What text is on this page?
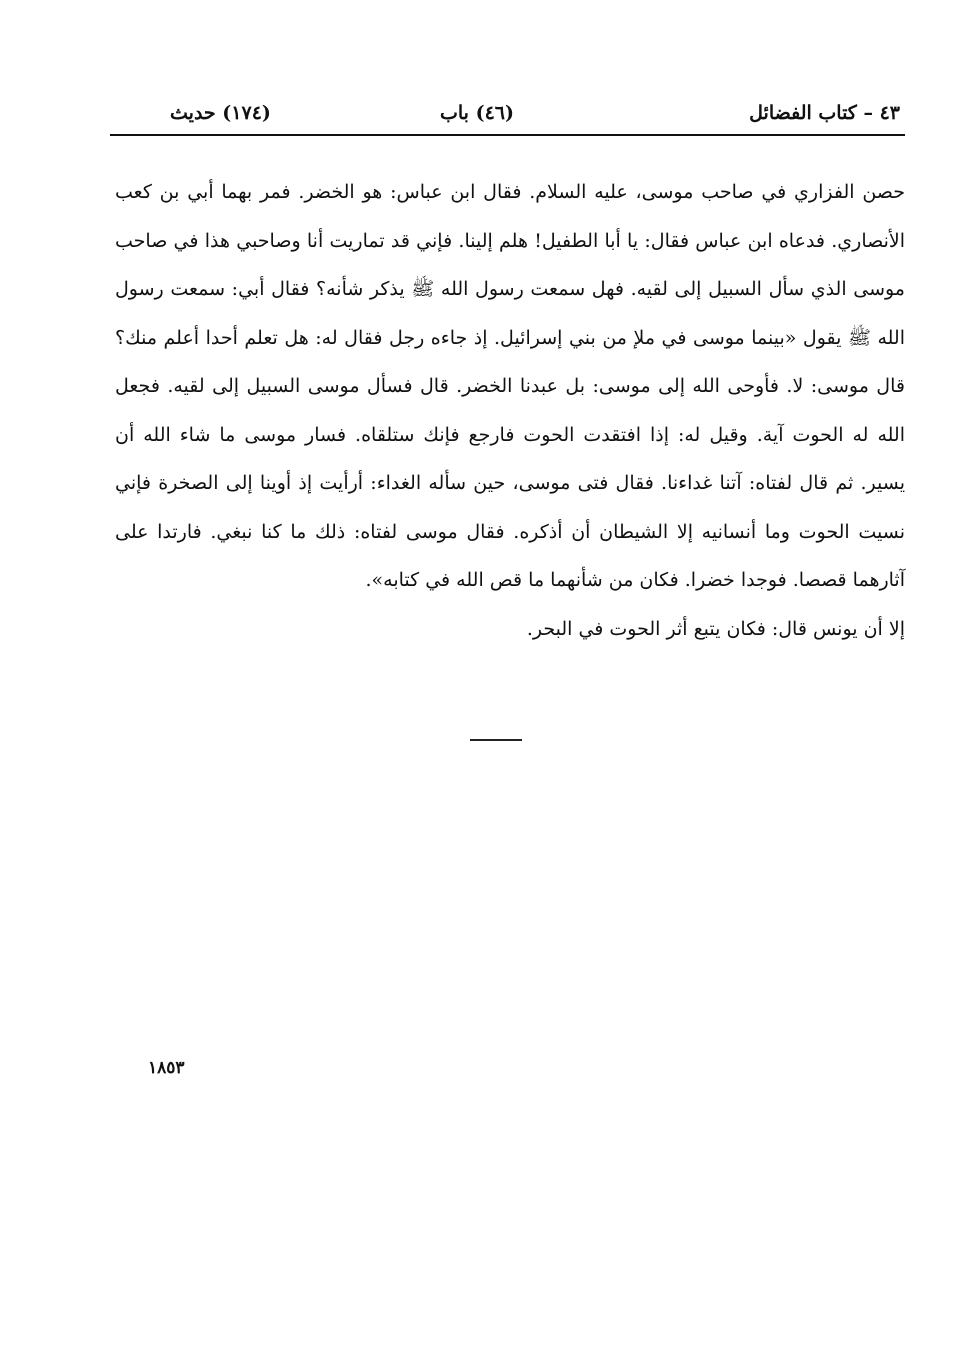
٤٣ – كتاب الفضائل
(٤٦) باب
(١٧٤) حديث

حصن الفزاري في صاحب موسى، عليه السلام. فقال ابن عباس: هو الخضر. فمر بهما أبي بن كعب الأنصاري. فدعاه ابن عباس فقال: يا أبا الطفيل! هلم إلينا. فإني قد تماريت أنا وصاحبي هذا في صاحب موسى الذي سأل السبيل إلى لقيه. فهل سمعت رسول الله ﷺ يذكر شأنه؟ فقال أبي: سمعت رسول الله ﷺ يقول «بينما موسى في ملإ من بني إسرائيل. إذ جاءه رجل فقال له: هل تعلم أحدا أعلم منك؟ قال موسى: لا. فأوحى الله إلى موسى: بل عبدنا الخضر. قال فسأل موسى السبيل إلى لقيه. فجعل الله له الحوت آية. وقيل له: إذا افتقدت الحوت فارجع فإنك ستلقاه. فسار موسى ما شاء الله أن يسير. ثم قال لفتاه: آتنا غداءنا. فقال فتى موسى، حين سأله الغداء: أرأيت إذ أوينا إلى الصخرة فإني نسيت الحوت وما أنسانيه إلا الشيطان أن أذكره. فقال موسى لفتاه: ذلك ما كنا نبغي. فارتدا على آثارهما قصصا. فوجدا خضرا. فكان من شأنهما ما قص الله في كتابه».

إلا أن يونس قال: فكان يتبع أثر الحوت في البحر.

١٨٥٣
